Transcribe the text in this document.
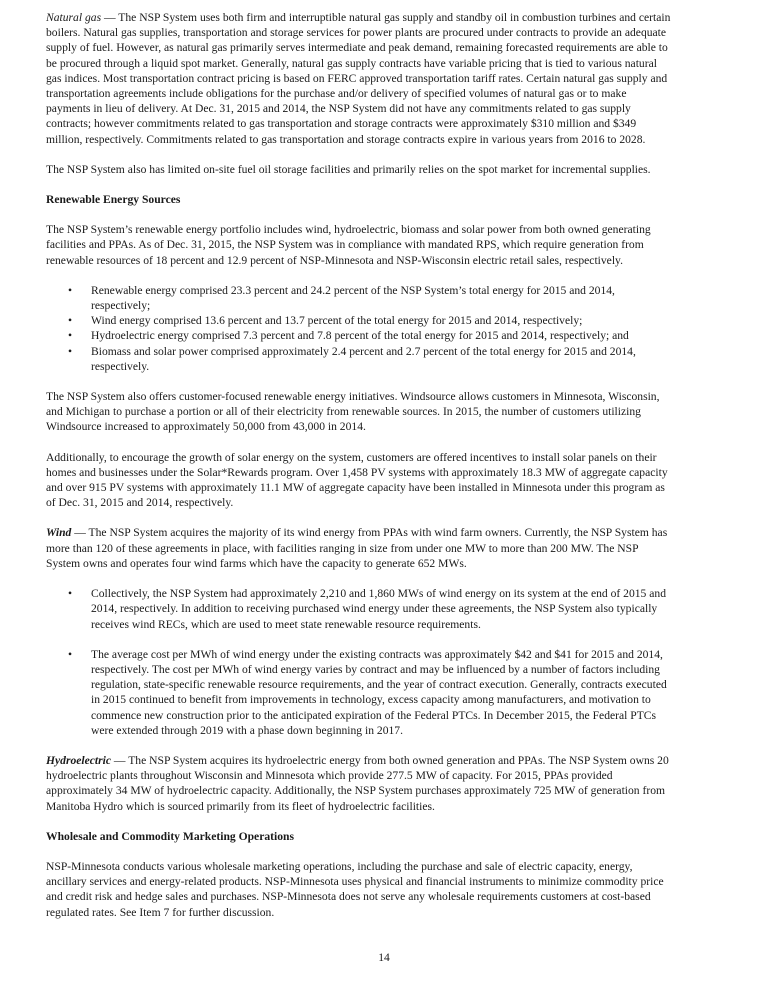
Natural gas — The NSP System uses both firm and interruptible natural gas supply and standby oil in combustion turbines and certain
boilers. Natural gas supplies, transportation and storage services for power plants are procured under contracts to provide an adequate
supply of fuel. However, as natural gas primarily serves intermediate and peak demand, remaining forecasted requirements are able to
be procured through a liquid spot market. Generally, natural gas supply contracts have variable pricing that is tied to various natural
gas indices. Most transportation contract pricing is based on FERC approved transportation tariff rates. Certain natural gas supply and
transportation agreements include obligations for the purchase and/or delivery of specified volumes of natural gas or to make
payments in lieu of delivery. At Dec. 31, 2015 and 2014, the NSP System did not have any commitments related to gas supply
contracts; however commitments related to gas transportation and storage contracts were approximately $310 million and $349
million, respectively. Commitments related to gas transportation and storage contracts expire in various years from 2016 to 2028.
The NSP System also has limited on-site fuel oil storage facilities and primarily relies on the spot market for incremental supplies.
Renewable Energy Sources
The NSP System’s renewable energy portfolio includes wind, hydroelectric, biomass and solar power from both owned generating
facilities and PPAs. As of Dec. 31, 2015, the NSP System was in compliance with mandated RPS, which require generation from
renewable resources of 18 percent and 12.9 percent of NSP-Minnesota and NSP-Wisconsin electric retail sales, respectively.
• Renewable energy comprised 23.3 percent and 24.2 percent of the NSP System’s total energy for 2015 and 2014,
respectively;
• Wind energy comprised 13.6 percent and 13.7 percent of the total energy for 2015 and 2014, respectively;
• Hydroelectric energy comprised 7.3 percent and 7.8 percent of the total energy for 2015 and 2014, respectively; and
• Biomass and solar power comprised approximately 2.4 percent and 2.7 percent of the total energy for 2015 and 2014,
respectively.
The NSP System also offers customer-focused renewable energy initiatives. Windsource allows customers in Minnesota, Wisconsin,
and Michigan to purchase a portion or all of their electricity from renewable sources. In 2015, the number of customers utilizing
Windsource increased to approximately 50,000 from 43,000 in 2014.
Additionally, to encourage the growth of solar energy on the system, customers are offered incentives to install solar panels on their
homes and businesses under the Solar*Rewards program. Over 1,458 PV systems with approximately 18.3 MW of aggregate capacity
and over 915 PV systems with approximately 11.1 MW of aggregate capacity have been installed in Minnesota under this program as
of Dec. 31, 2015 and 2014, respectively.
Wind — The NSP System acquires the majority of its wind energy from PPAs with wind farm owners. Currently, the NSP System has
more than 120 of these agreements in place, with facilities ranging in size from under one MW to more than 200 MW. The NSP
System owns and operates four wind farms which have the capacity to generate 652 MWs.
• Collectively, the NSP System had approximately 2,210 and 1,860 MWs of wind energy on its system at the end of 2015 and
2014, respectively. In addition to receiving purchased wind energy under these agreements, the NSP System also typically
receives wind RECs, which are used to meet state renewable resource requirements.
• The average cost per MWh of wind energy under the existing contracts was approximately $42 and $41 for 2015 and 2014,
respectively. The cost per MWh of wind energy varies by contract and may be influenced by a number of factors including
regulation, state-specific renewable resource requirements, and the year of contract execution. Generally, contracts executed
in 2015 continued to benefit from improvements in technology, excess capacity among manufacturers, and motivation to
commence new construction prior to the anticipated expiration of the Federal PTCs. In December 2015, the Federal PTCs
were extended through 2019 with a phase down beginning in 2017.
Hydroelectric — The NSP System acquires its hydroelectric energy from both owned generation and PPAs. The NSP System owns 20
hydroelectric plants throughout Wisconsin and Minnesota which provide 277.5 MW of capacity. For 2015, PPAs provided
approximately 34 MW of hydroelectric capacity. Additionally, the NSP System purchases approximately 725 MW of generation from
Manitoba Hydro which is sourced primarily from its fleet of hydroelectric facilities.
Wholesale and Commodity Marketing Operations
NSP-Minnesota conducts various wholesale marketing operations, including the purchase and sale of electric capacity, energy,
ancillary services and energy-related products. NSP-Minnesota uses physical and financial instruments to minimize commodity price
and credit risk and hedge sales and purchases. NSP-Minnesota does not serve any wholesale requirements customers at cost-based
regulated rates. See Item 7 for further discussion.
14
